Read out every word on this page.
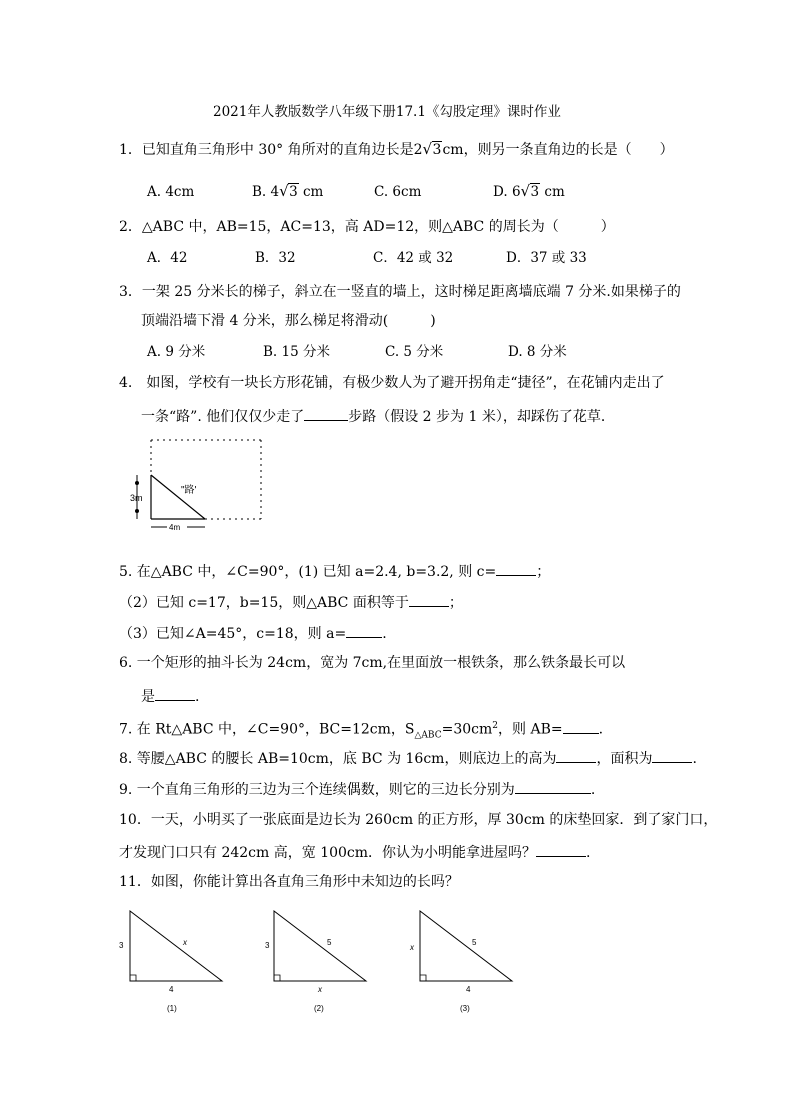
2021年人教版数学八年级下册17.1《勾股定理》课时作业
1．已知直角三角形中 30° 角所对的直角边长是2 √ 3cm，则另一条直角边的长是（　　）
A. 4cm	B. 4 √ 3 cm	C. 6cm	D. 6 √ 3 cm
2．△ABC 中，AB=15，AC=13，高 AD=12，则△ABC 的周长为（　　　）
A．42	B．32	C．42 或 32	D．37 或 33
3．一架 25 分米长的梯子，斜立在一竖直的墙上，这时梯足距离墙底端 7 分米.如果梯子的
顶端沿墙下滑 4 分米，那么梯足将滑动(　　　)
A. 9 分米	B. 15 分米	C. 5 分米	D. 8 分米
4.　如图，学校有一块长方形花铺，有极少数人为了避开拐角走“捷径”，在花铺内走出了
一条“路”. 他们仅仅少走了	步路（假设 2 步为 1 米），却踩伤了花草．
3m
4m
"路'
5. 在△ABC 中，∠C=90°，(1) 已知 a=2.4, b=3.2, 则 c=	；
（2）已知 c=17，b=15，则△ABC 面积等于	；
（3）已知∠A=45°，c=18，则 a=	.
6. 一个矩形的抽斗长为 24cm，宽为 7cm,在里面放一根铁条，那么铁条最长可以
是	.
7. 在 Rt△ABC 中，∠C=90°，BC=12cm，$S_{\triangle ABC}=30cm^2$，则 AB=	.
8. 等腰△ABC 的腰长 AB=10cm，底 BC 为 16cm，则底边上的高为	，面积为	.
9. 一个直角三角形的三边为三个连续偶数，则它的三边长分别为	.
10．一天，小明买了一张底面是边长为 260cm 的正方形，厚 30cm 的床垫回家．到了家门口，
才发现门口只有 242cm 高，宽 100cm．你认为小明能拿进屋吗？	.
11．如图，你能计算出各直角三角形中未知边的长吗？
3	x
4
(1)
3	5
x
(2)
x
5
4
(3)
